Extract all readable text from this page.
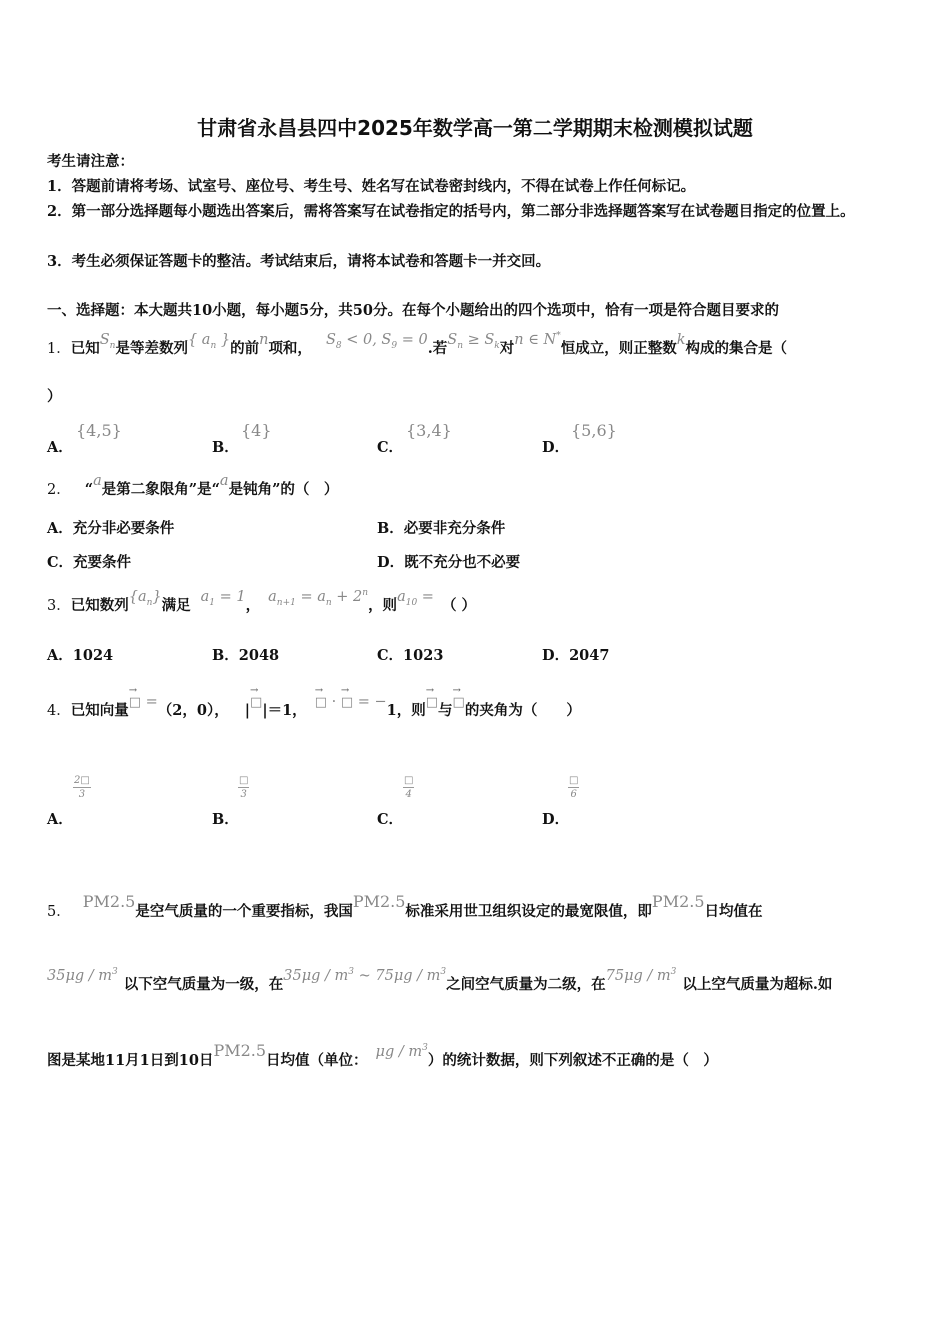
甘肃省永昌县四中2025年数学高一第二学期期末检测模拟试题
考生请注意：
1．答题前请将考场、试室号、座位号、考生号、姓名写在试卷密封线内，不得在试卷上作任何标记。
2．第一部分选择题每小题选出答案后，需将答案写在试卷指定的括号内，第二部分非选择题答案写在试卷题目指定的位置上。
3．考生必须保证答题卡的整洁。考试结束后，请将本试卷和答题卡一并交回。
一、选择题：本大题共10小题，每小题5分，共50分。在每个小题给出的四个选项中，恰有一项是符合题目要求的
1．已知$S_n$是等差数列{ $a_n$ }的前n项和， $S_8 < 0$, $S_9 = 0$.若$S_n \ge S_k$对n ∈ N*恒成立，则正整数k构成的集合是（
）
A．
{4,5}
B．
{4}
C．
{3,4}
D．
{5,6}
2． “a是第二象限角”是“a是钝角”的（　）
A．充分非必要条件	B．必要非充分条件
C．充要条件	D．既不充分也不必要
3．已知数列$\{a_n\}$满足 $a_1 = 1$， $a_{n+1} = a_n + 2^n$，则$a_{10}$ = （ ）
A．1024	B．2048	C．1023	D．2047
4．已知向量→ □ =（2，0）， |→ □|＝1，→ □ · → □ = −1，则→ □与→ □的夹角为（　　）
A．
$\frac{2□}{3}$
B．
□
3
C．
□
4
D．
□
6
5．PM2.5是空气质量的一个重要指标，我国PM2.5标准采用世卫组织设定的最宽限值，即PM2.5日均值在
$35\mu g / m^3$以下空气质量为一级，在$35\mu g / m^3$ ~ $75\mu g / m^3$之间空气质量为二级，在$75\mu g / m^3$以上空气质量为超标.如
图是某地11月1日到10日PM2.5日均值（单位： μg / $m^3$）的统计数据，则下列叙述不正确的是（　）
